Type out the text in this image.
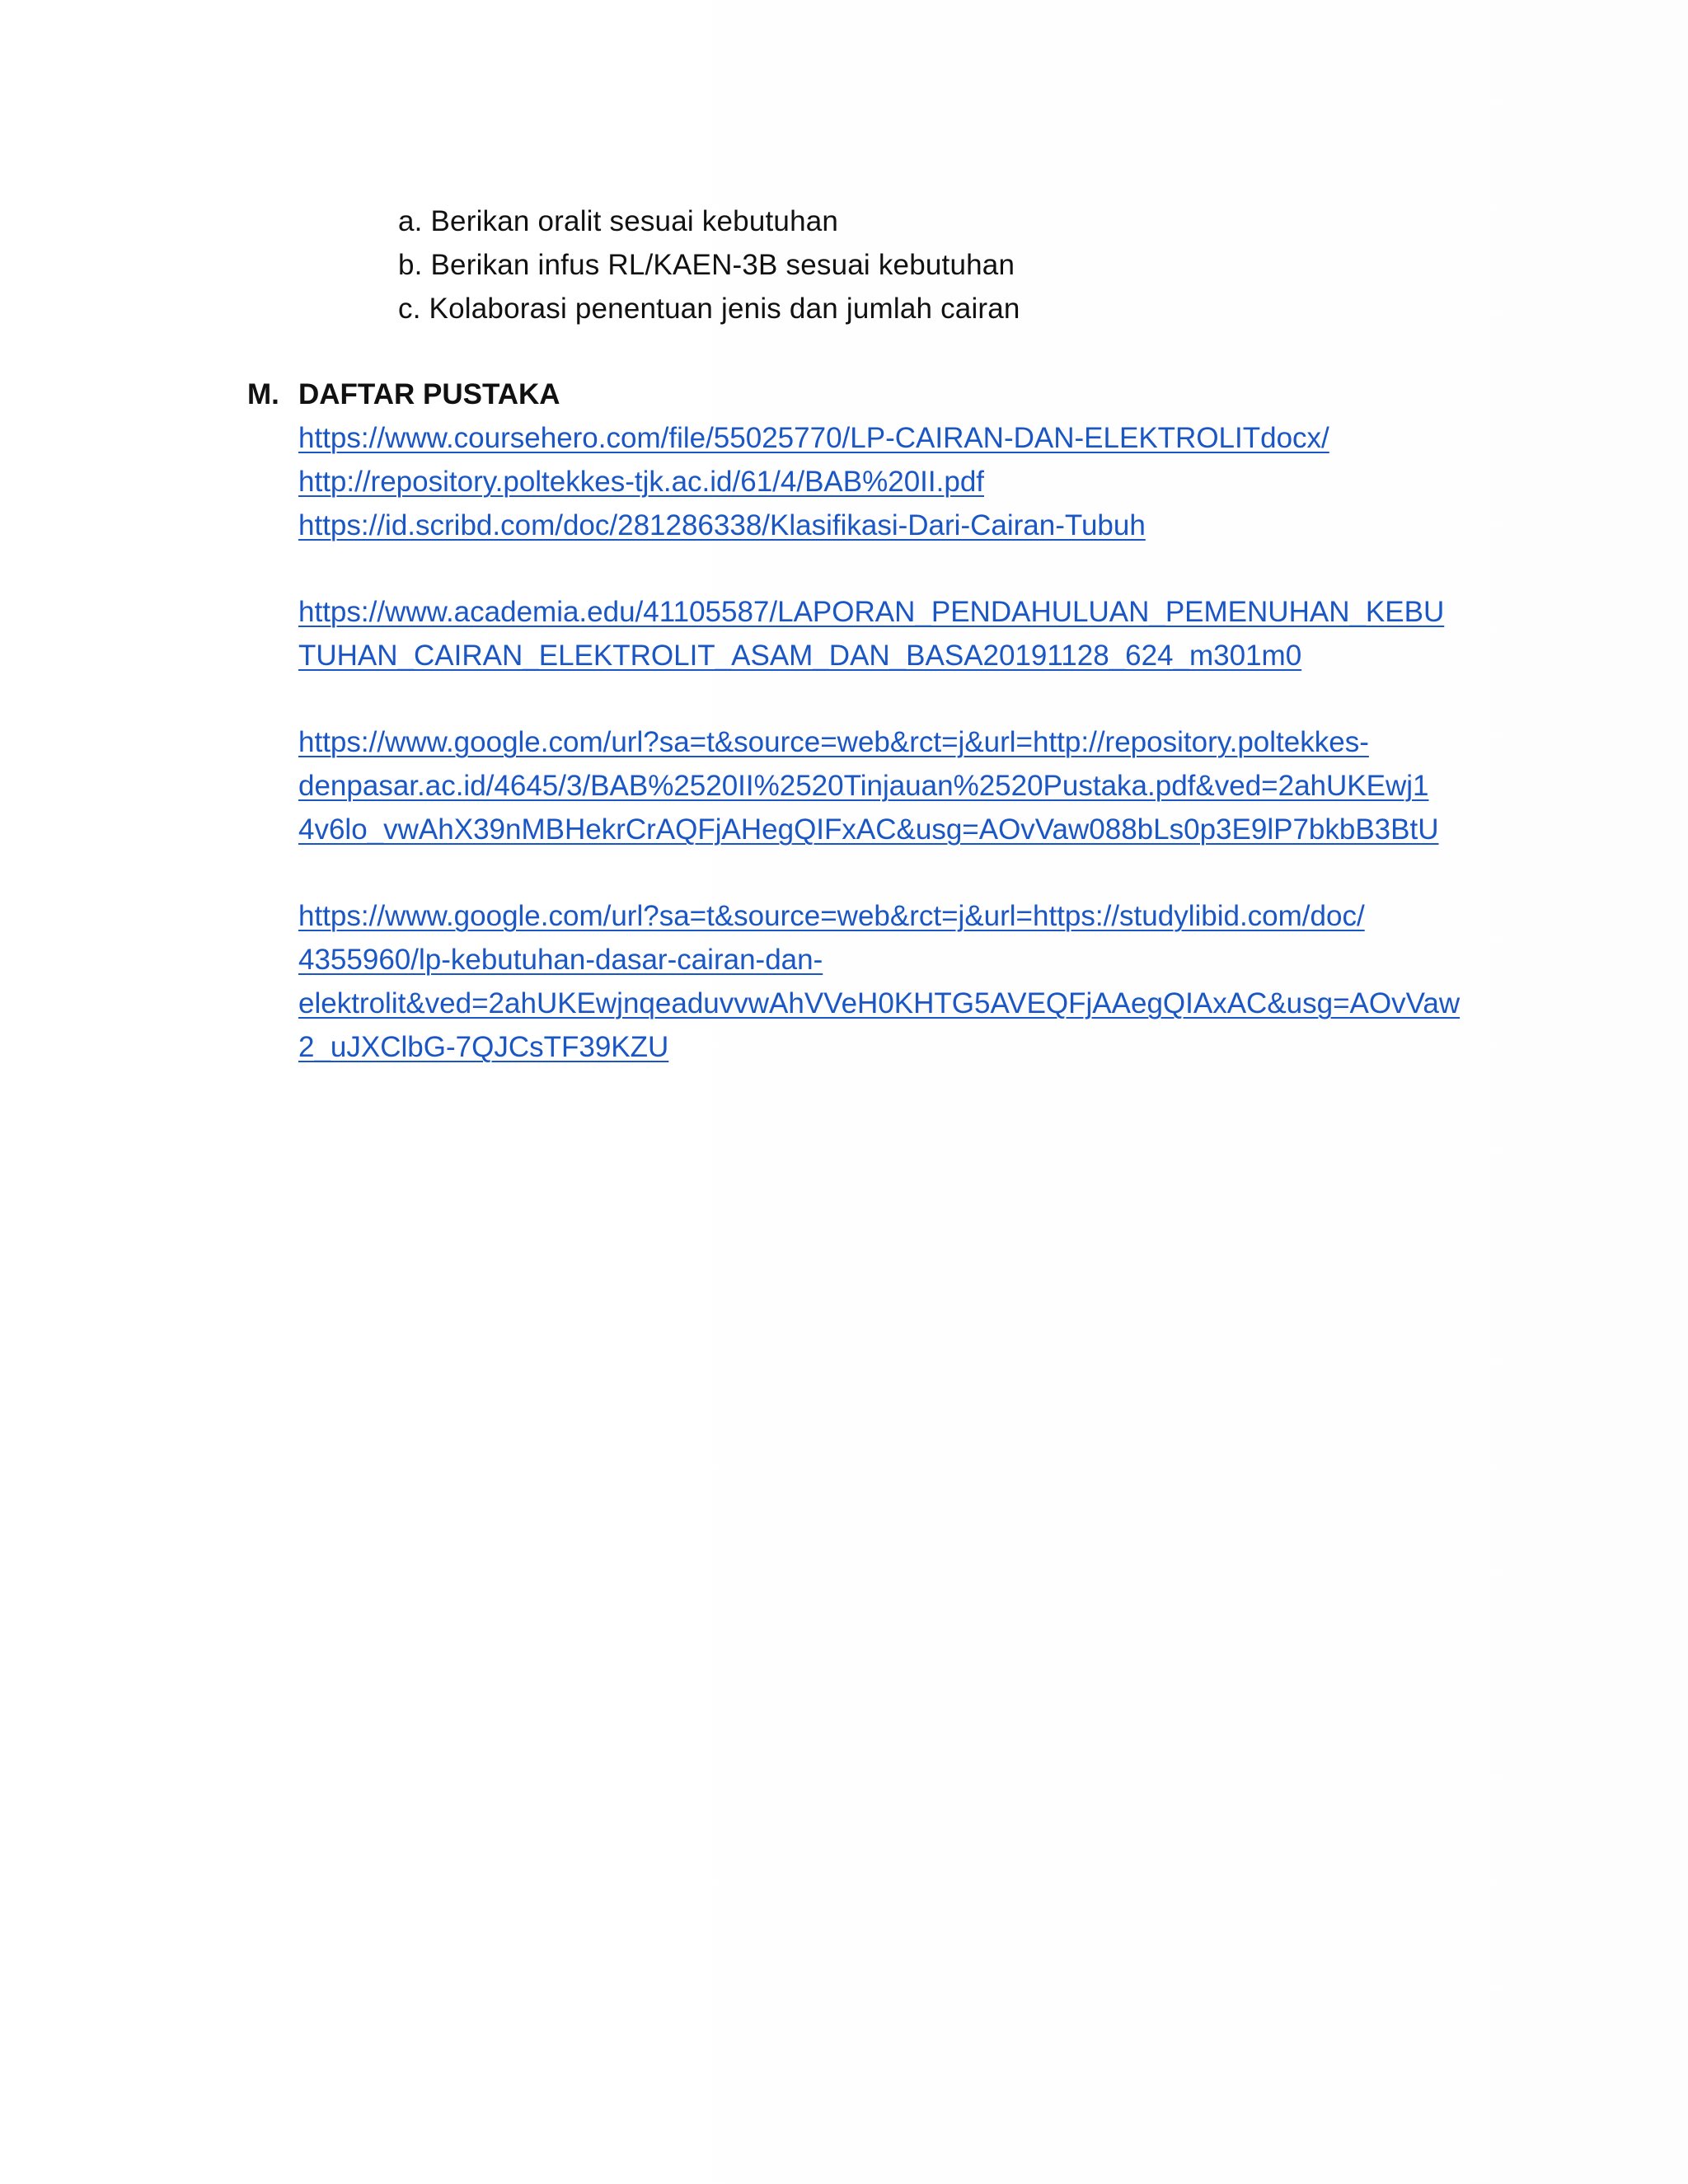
a. Berikan oralit sesuai kebutuhan
b. Berikan infus RL/KAEN-3B sesuai kebutuhan
c. Kolaborasi penentuan jenis dan jumlah cairan
M. DAFTAR PUSTAKA
https://www.coursehero.com/file/55025770/LP-CAIRAN-DAN-ELEKTROLITdocx/
http://repository.poltekkes-tjk.ac.id/61/4/BAB%20II.pdf
https://id.scribd.com/doc/281286338/Klasifikasi-Dari-Cairan-Tubuh
https://www.academia.edu/41105587/LAPORAN_PENDAHULUAN_PEMENUHAN_KEBU
TUHAN_CAIRAN_ELEKTROLIT_ASAM_DAN_BASA20191128_624_m301m0
https://www.google.com/url?sa=t&source=web&rct=j&url=http://repository.poltekkes-
denpasar.ac.id/4645/3/BAB%2520II%2520Tinjauan%2520Pustaka.pdf&ved=2ahUKEwj1
4v6lo_vwAhX39nMBHekrCrAQFjAHegQIFxAC&usg=AOvVaw088bLs0p3E9lP7bkbB3BtU
https://www.google.com/url?sa=t&source=web&rct=j&url=https://studylibid.com/doc/
4355960/lp-kebutuhan-dasar-cairan-dan-
elektrolit&ved=2ahUKEwjnqeaduvvwAhVVeH0KHTG5AVEQFjAAegQIAxAC&usg=AOvVaw
2_uJXClbG-7QJCsTF39KZU
